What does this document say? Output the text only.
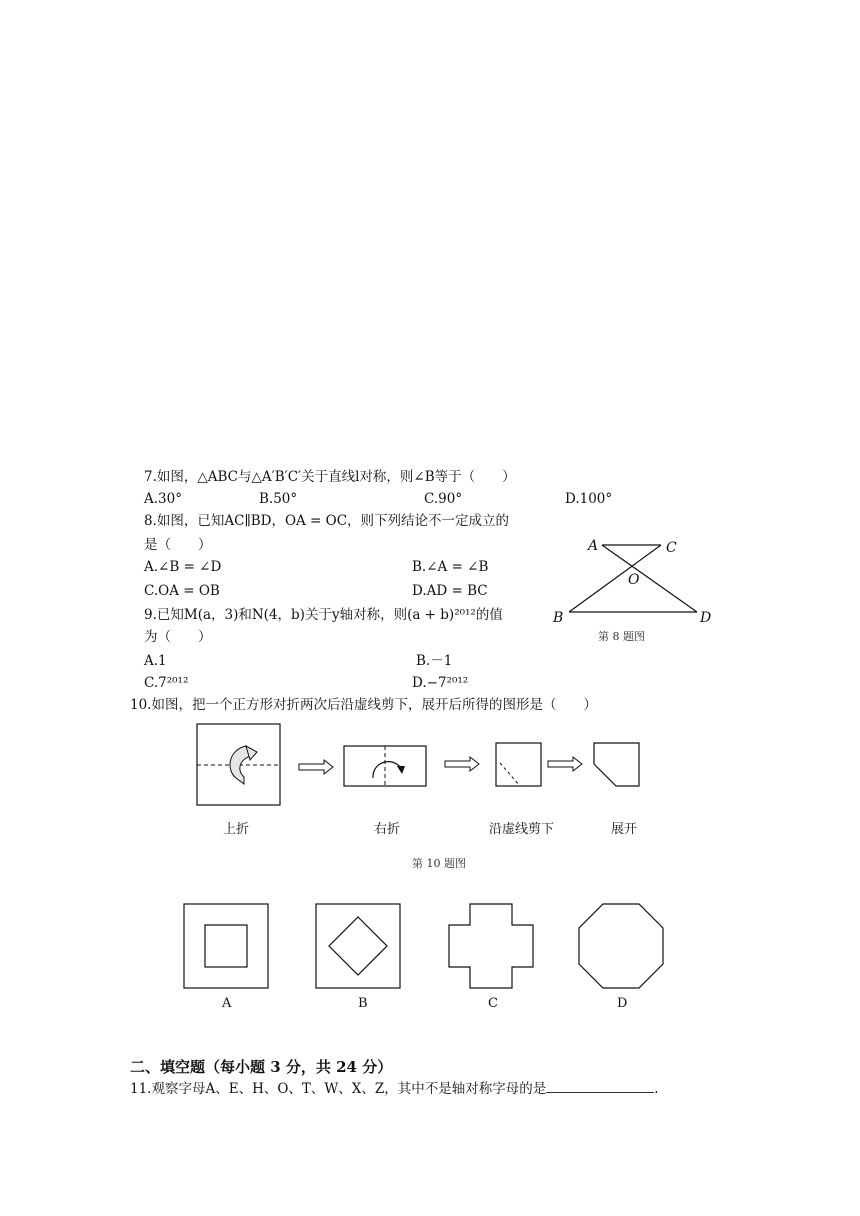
7.如图，△ABC与△A′B′C′关于直线l对称，则∠B等于（　　）
A.30°	B.50°	C.90°	D.100°
8.如图，已知AC∥BD，OA = OC，则下列结论不一定成立的
是（　　）
A.∠B = ∠D	B.∠A = ∠B
C.OA = OB	D.AD = BC
A	C
O
B	D
第 8 题图
9.已知M(a，3)和N(4，b)关于y轴对称，则(a + b)²⁰¹²的值
为（　　）
A.1	B.－1
C.7²⁰¹²	D.−7²⁰¹²
10.如图，把一个正方形对折两次后沿虚线剪下，展开后所得的图形是（　　）
上折	右折	沿虚线剪下	展开
第 10 题图
A	B	C	D
二、填空题（每小题 3 分，共 24 分）
11.观察字母A、E、H、O、T、W、X、Z，其中不是轴对称字母的是	.
